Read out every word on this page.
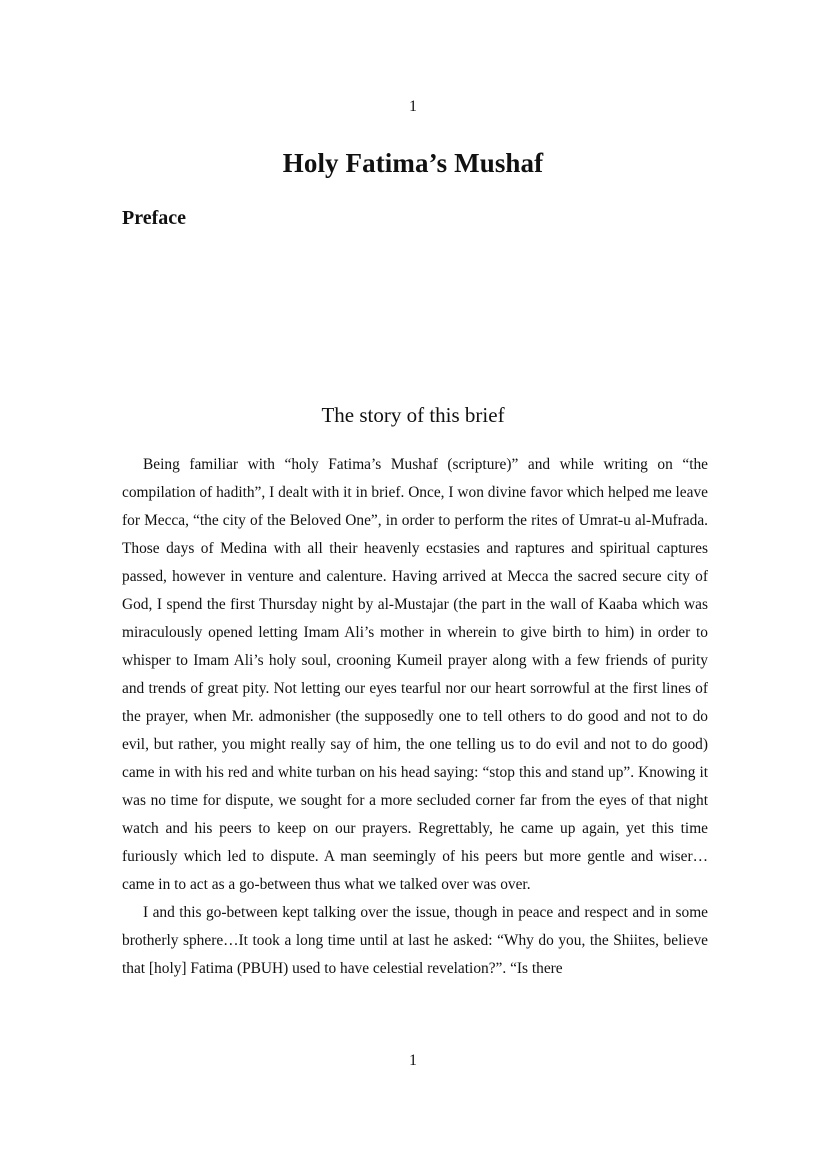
1
Holy Fatima’s Mushaf
Preface
The story of this brief

Being familiar with “holy Fatima’s Mushaf (scripture)” and while writing on “the compilation of hadith”, I dealt with it in brief. Once, I won divine favor which helped me leave for Mecca, “the city of the Beloved One”, in order to perform the rites of Umrat-u al-Mufrada. Those days of Medina with all their heavenly ecstasies and raptures and spiritual captures passed, however in venture and calenture. Having arrived at Mecca the sacred secure city of God, I spend the first Thursday night by al-Mustajar (the part in the wall of Kaaba which was miraculously opened letting Imam Ali’s mother in wherein to give birth to him) in order to whisper to Imam Ali’s holy soul, crooning Kumeil prayer along with a few friends of purity and trends of great pity. Not letting our eyes tearful nor our heart sorrowful at the first lines of the prayer, when Mr. admonisher (the supposedly one to tell others to do good and not to do evil, but rather, you might really say of him, the one telling us to do evil and not to do good) came in with his red and white turban on his head saying: “stop this and stand up”. Knowing it was no time for dispute, we sought for a more secluded corner far from the eyes of that night watch and his peers to keep on our prayers. Regrettably, he came up again, yet this time furiously which led to dispute. A man seemingly of his peers but more gentle and wiser… came in to act as a go-between thus what we talked over was over.

I and this go-between kept talking over the issue, though in peace and respect and in some brotherly sphere…It took a long time until at last he asked: “Why do you, the Shiites, believe that [holy] Fatima (PBUH) used to have celestial revelation?”. “Is there

1
